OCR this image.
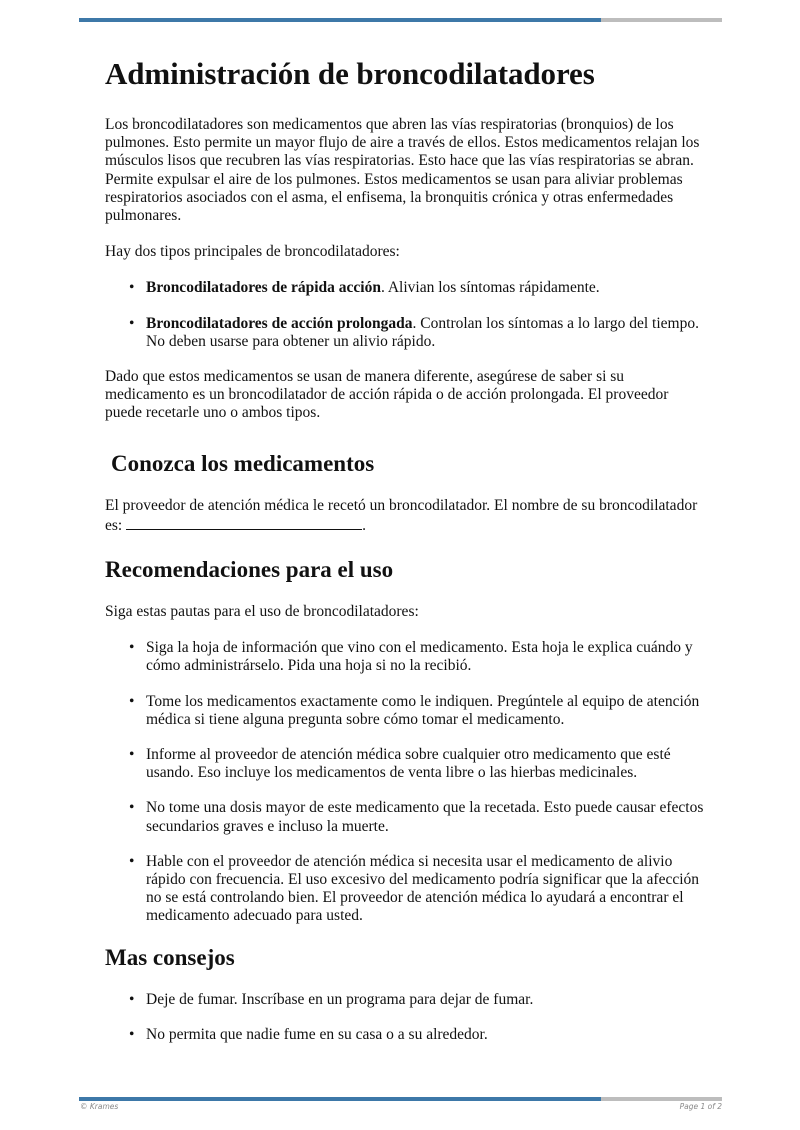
Administración de broncodilatadores

Los broncodilatadores son medicamentos que abren las vías respiratorias (bronquios) de los pulmones. Esto permite un mayor flujo de aire a través de ellos. Estos medicamentos relajan los músculos lisos que recubren las vías respiratorias. Esto hace que las vías respiratorias se abran. Permite expulsar el aire de los pulmones. Estos medicamentos se usan para aliviar problemas respiratorios asociados con el asma, el enfisema, la bronquitis crónica y otras enfermedades pulmonares.

Hay dos tipos principales de broncodilatadores:

• Broncodilatadores de rápida acción. Alivian los síntomas rápidamente.
• Broncodilatadores de acción prolongada. Controlan los síntomas a lo largo del tiempo. No deben usarse para obtener un alivio rápido.

Dado que estos medicamentos se usan de manera diferente, asegúrese de saber si su medicamento es un broncodilatador de acción rápida o de acción prolongada. El proveedor puede recetarle uno o ambos tipos.

Conozca los medicamentos

El proveedor de atención médica le recetó un broncodilatador. El nombre de su broncodilatador es:	.

Recomendaciones para el uso

Siga estas pautas para el uso de broncodilatadores:

• Siga la hoja de información que vino con el medicamento. Esta hoja le explica cuándo y cómo administrárselo. Pida una hoja si no la recibió.
• Tome los medicamentos exactamente como le indiquen. Pregúntele al equipo de atención médica si tiene alguna pregunta sobre cómo tomar el medicamento.
• Informe al proveedor de atención médica sobre cualquier otro medicamento que esté usando. Eso incluye los medicamentos de venta libre o las hierbas medicinales.
• No tome una dosis mayor de este medicamento que la recetada. Esto puede causar efectos secundarios graves e incluso la muerte.
• Hable con el proveedor de atención médica si necesita usar el medicamento de alivio rápido con frecuencia. El uso excesivo del medicamento podría significar que la afección no se está controlando bien. El proveedor de atención médica lo ayudará a encontrar el medicamento adecuado para usted.
Mas consejos
• Deje de fumar. Inscríbase en un programa para dejar de fumar.
• No permita que nadie fume en su casa o a su alrededor.
© Krames	Page 1 of 2
